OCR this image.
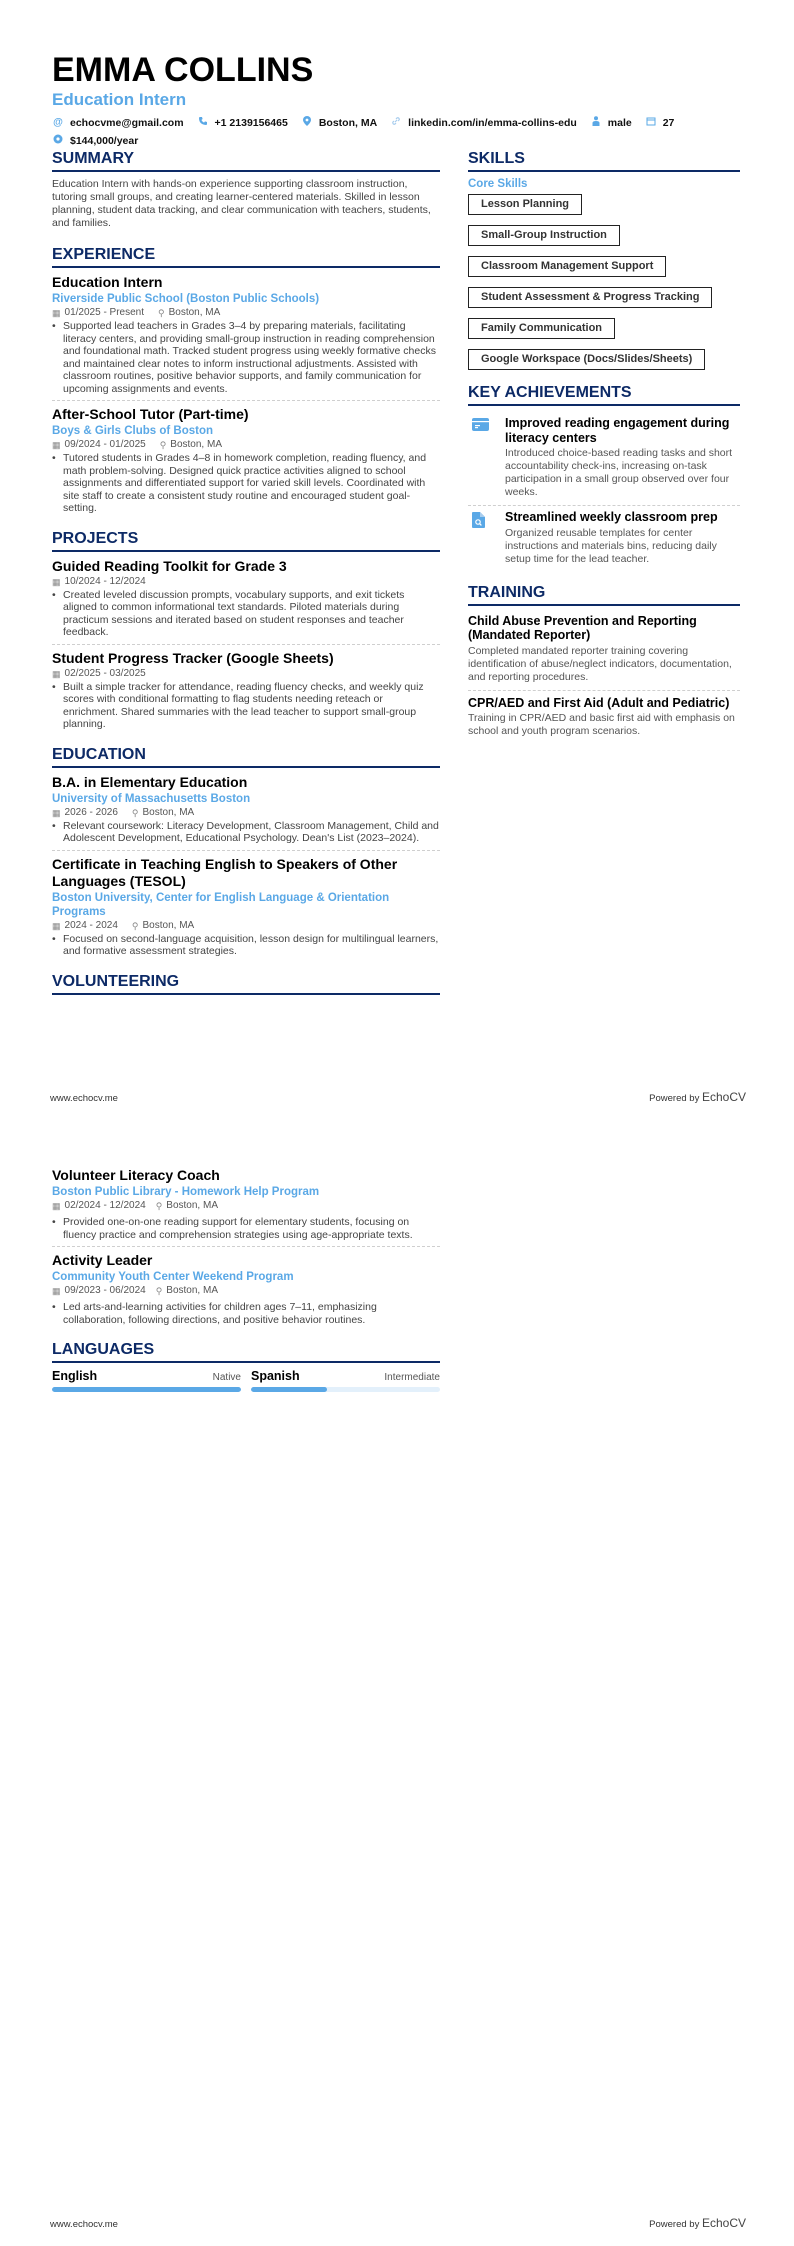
EMMA COLLINS
Education Intern
@ echocvme@gmail.com	+1 2139156465	Boston, MA	linkedin.com/in/emma-collins-edu	male	27
$144,000/year
SUMMARY
Education Intern with hands-on experience supporting classroom instruction, tutoring small groups, and creating learner-centered materials. Skilled in lesson planning, student data tracking, and clear communication with teachers, students, and families.
EXPERIENCE
Education Intern
Riverside Public School (Boston Public Schools)
▦ 01/2025 - Present ⚲ Boston, MA
• Supported lead teachers in Grades 3–4 by preparing materials, facilitating literacy centers, and providing small-group instruction in reading comprehension and foundational math. Tracked student progress using weekly formative checks and maintained clear notes to inform instructional adjustments. Assisted with classroom routines, positive behavior supports, and family communication for upcoming assignments and events.
After-School Tutor (Part-time)
Boys & Girls Clubs of Boston
▦ 09/2024 - 01/2025 ⚲ Boston, MA
• Tutored students in Grades 4–8 in homework completion, reading fluency, and math problem-solving. Designed quick practice activities aligned to school assignments and differentiated support for varied skill levels. Coordinated with site staff to create a consistent study routine and encouraged student goal-setting.
PROJECTS
Guided Reading Toolkit for Grade 3
▦ 10/2024 - 12/2024
• Created leveled discussion prompts, vocabulary supports, and exit tickets aligned to common informational text standards. Piloted materials during practicum sessions and iterated based on student responses and teacher feedback.
Student Progress Tracker (Google Sheets)
▦ 02/2025 - 03/2025
• Built a simple tracker for attendance, reading fluency checks, and weekly quiz scores with conditional formatting to flag students needing reteach or enrichment. Shared summaries with the lead teacher to support small-group planning.
EDUCATION
B.A. in Elementary Education
University of Massachusetts Boston
▦ 2026 - 2026 ⚲ Boston, MA
• Relevant coursework: Literacy Development, Classroom Management, Child and Adolescent Development, Educational Psychology. Dean's List (2023–2024).
Certificate in Teaching English to Speakers of Other Languages (TESOL)
Boston University, Center for English Language & Orientation Programs
▦ 2024 - 2024 ⚲ Boston, MA
• Focused on second-language acquisition, lesson design for multilingual learners, and formative assessment strategies.
VOLUNTEERING
SKILLS
Core Skills
Lesson Planning
Small-Group Instruction
Classroom Management Support
Student Assessment & Progress Tracking
Family Communication
Google Workspace (Docs/Slides/Sheets)
KEY ACHIEVEMENTS
Improved reading engagement during literacy centers
Introduced choice-based reading tasks and short accountability check-ins, increasing on-task participation in a small group observed over four weeks.
Streamlined weekly classroom prep
Organized reusable templates for center instructions and materials bins, reducing daily setup time for the lead teacher.
TRAINING
Child Abuse Prevention and Reporting (Mandated Reporter)
Completed mandated reporter training covering identification of abuse/neglect indicators, documentation, and reporting procedures.
CPR/AED and First Aid (Adult and Pediatric)
Training in CPR/AED and basic first aid with emphasis on school and youth program scenarios.
www.echocv.me	Powered by EchoCV
Volunteer Literacy Coach
Boston Public Library - Homework Help Program
▦ 02/2024 - 12/2024 ⚲ Boston, MA
• Provided one-on-one reading support for elementary students, focusing on fluency practice and comprehension strategies using age-appropriate texts.
Activity Leader
Community Youth Center Weekend Program
▦ 09/2023 - 06/2024 ⚲ Boston, MA
• Led arts-and-learning activities for children ages 7–11, emphasizing collaboration, following directions, and positive behavior routines.
LANGUAGES
English	Native Spanish	Intermediate
www.echocv.me	Powered by EchoCV
